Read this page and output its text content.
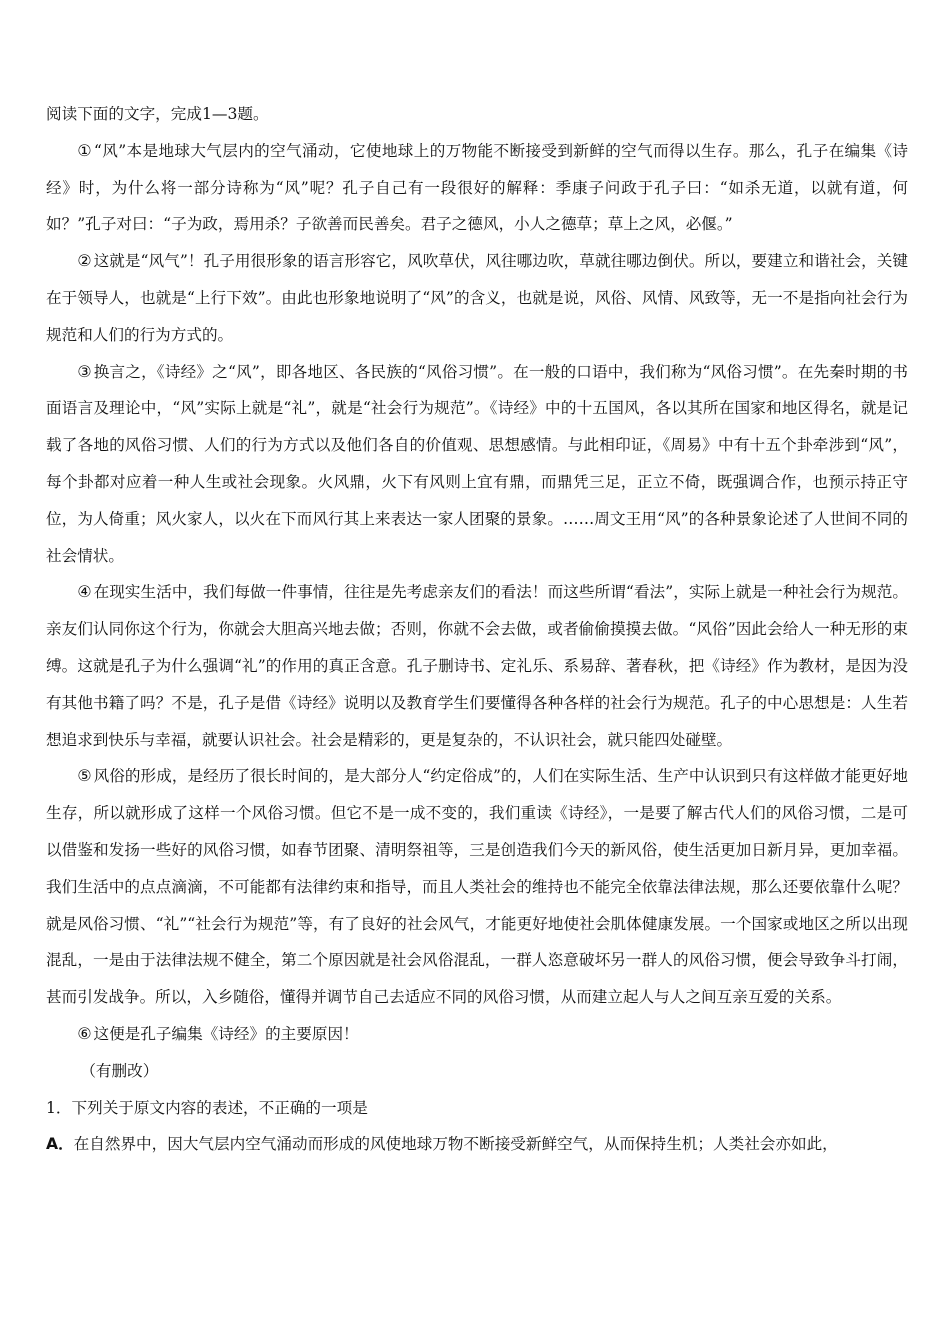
阅读下面的文字，完成1—3题。

① “风”本是地球大气层内的空气涌动，它使地球上的万物能不断接受到新鲜的空气而得以生存。那么，孔子在编集《诗经》时，为什么将一部分诗称为“风”呢？孔子自己有一段很好的解释：季康子问政于孔子曰：“如杀无道，以就有道，何如？”孔子对曰：“子为政，焉用杀？子欲善而民善矣。君子之德风，小人之德草；草上之风，必偃。”

② 这就是“风气”！孔子用很形象的语言形容它，风吹草伏，风往哪边吹，草就往哪边倒伏。所以，要建立和谐社会，关键在于领导人，也就是“上行下效”。由此也形象地说明了“风”的含义，也就是说，风俗、风情、风致等，无一不是指向社会行为规范和人们的行为方式的。

③ 换言之，《诗经》之“风”，即各地区、各民族的“风俗习惯”。在一般的口语中，我们称为“风俗习惯”。在先秦时期的书面语言及理论中，“风”实际上就是“礼”，就是“社会行为规范”。《诗经》中的十五国风，各以其所在国家和地区得名，就是记载了各地的风俗习惯、人们的行为方式以及他们各自的价值观、思想感情。与此相印证，《周易》中有十五个卦牵涉到“风”，每个卦都对应着一种人生或社会现象。火风鼎，火下有风则上宜有鼎，而鼎凭三足，正立不倚，既强调合作，也预示持正守位，为人倚重；风火家人，以火在下而风行其上来表达一家人团聚的景象。……周文王用“风”的各种景象论述了人世间不同的社会情状。

④ 在现实生活中，我们每做一件事情，往往是先考虑亲友们的看法！而这些所谓“看法”，实际上就是一种社会行为规范。亲友们认同你这个行为，你就会大胆高兴地去做；否则，你就不会去做，或者偷偷摸摸去做。“风俗”因此会给人一种无形的束缚。这就是孔子为什么强调“礼”的作用的真正含意。孔子删诗书、定礼乐、系易辞、著春秋，把《诗经》作为教材，是因为没有其他书籍了吗？不是，孔子是借《诗经》说明以及教育学生们要懂得各种各样的社会行为规范。孔子的中心思想是：人生若想追求到快乐与幸福，就要认识社会。社会是精彩的，更是复杂的，不认识社会，就只能四处碰壁。

⑤ 风俗的形成，是经历了很长时间的，是大部分人“约定俗成”的，人们在实际生活、生产中认识到只有这样做才能更好地生存，所以就形成了这样一个风俗习惯。但它不是一成不变的，我们重读《诗经》，一是要了解古代人们的风俗习惯，二是可以借鉴和发扬一些好的风俗习惯，如春节团聚、清明祭祖等，三是创造我们今天的新风俗，使生活更加日新月异，更加幸福。我们生活中的点点滴滴，不可能都有法律约束和指导，而且人类社会的维持也不能完全依靠法律法规，那么还要依靠什么呢？就是风俗习惯、“礼”“社会行为规范”等，有了良好的社会风气，才能更好地使社会肌体健康发展。一个国家或地区之所以出现混乱，一是由于法律法规不健全，第二个原因就是社会风俗混乱，一群人恣意破坏另一群人的风俗习惯，便会导致争斗打闹，甚而引发战争。所以，入乡随俗，懂得并调节自己去适应不同的风俗习惯，从而建立起人与人之间互亲互爱的关系。

⑥ 这便是孔子编集《诗经》的主要原因！

（有删改）

1．下列关于原文内容的表述，不正确的一项是

A．在自然界中，因大气层内空气涌动而形成的风使地球万物不断接受新鲜空气，从而保持生机；人类社会亦如此，
